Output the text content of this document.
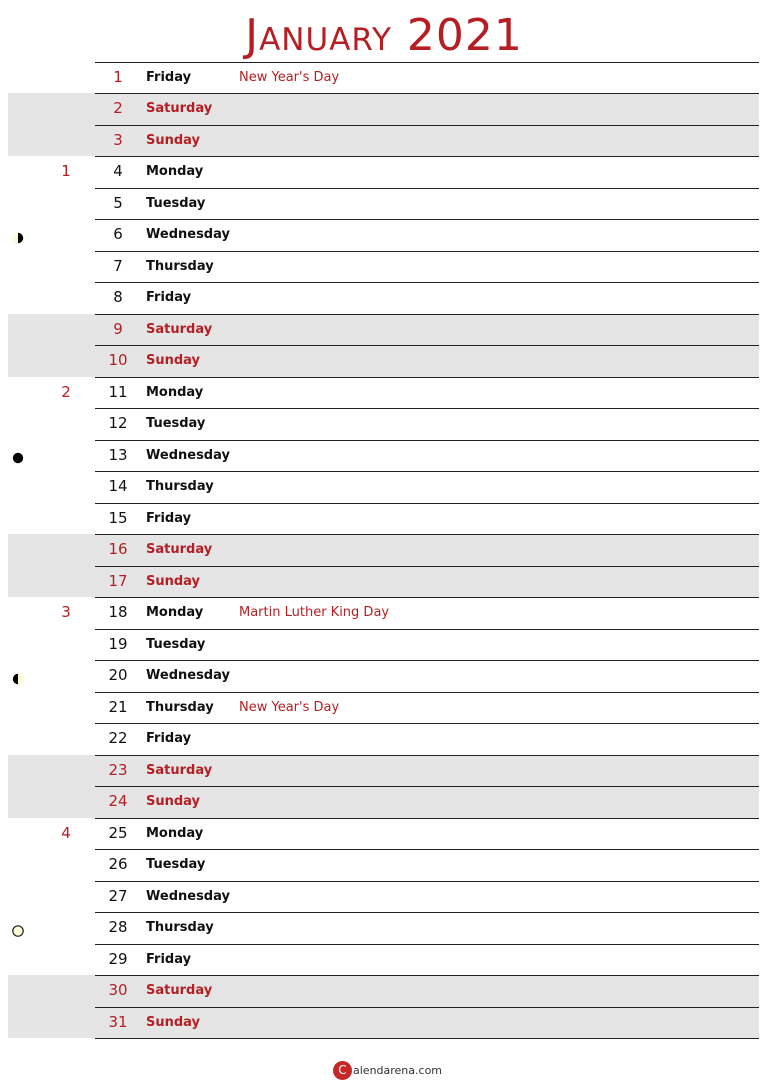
January 2021
1	Friday	New Year's Day
2	Saturday
3	Sunday
1	4	Monday
5	Tuesday
6	Wednesday
7	Thursday
8	Friday
9	Saturday
10	Sunday
2	11	Monday
12	Tuesday
13	Wednesday
14	Thursday
15	Friday
16	Saturday
17	Sunday
3	18	Monday	Martin Luther King Day
19	Tuesday
20	Wednesday
21	Thursday New Year's Day
22	Friday
23	Saturday
24	Sunday
4	25	Monday
26	Tuesday
27	Wednesday
28	Thursday
29	Friday
30	Saturday
31	Sunday
C alendarena.com
